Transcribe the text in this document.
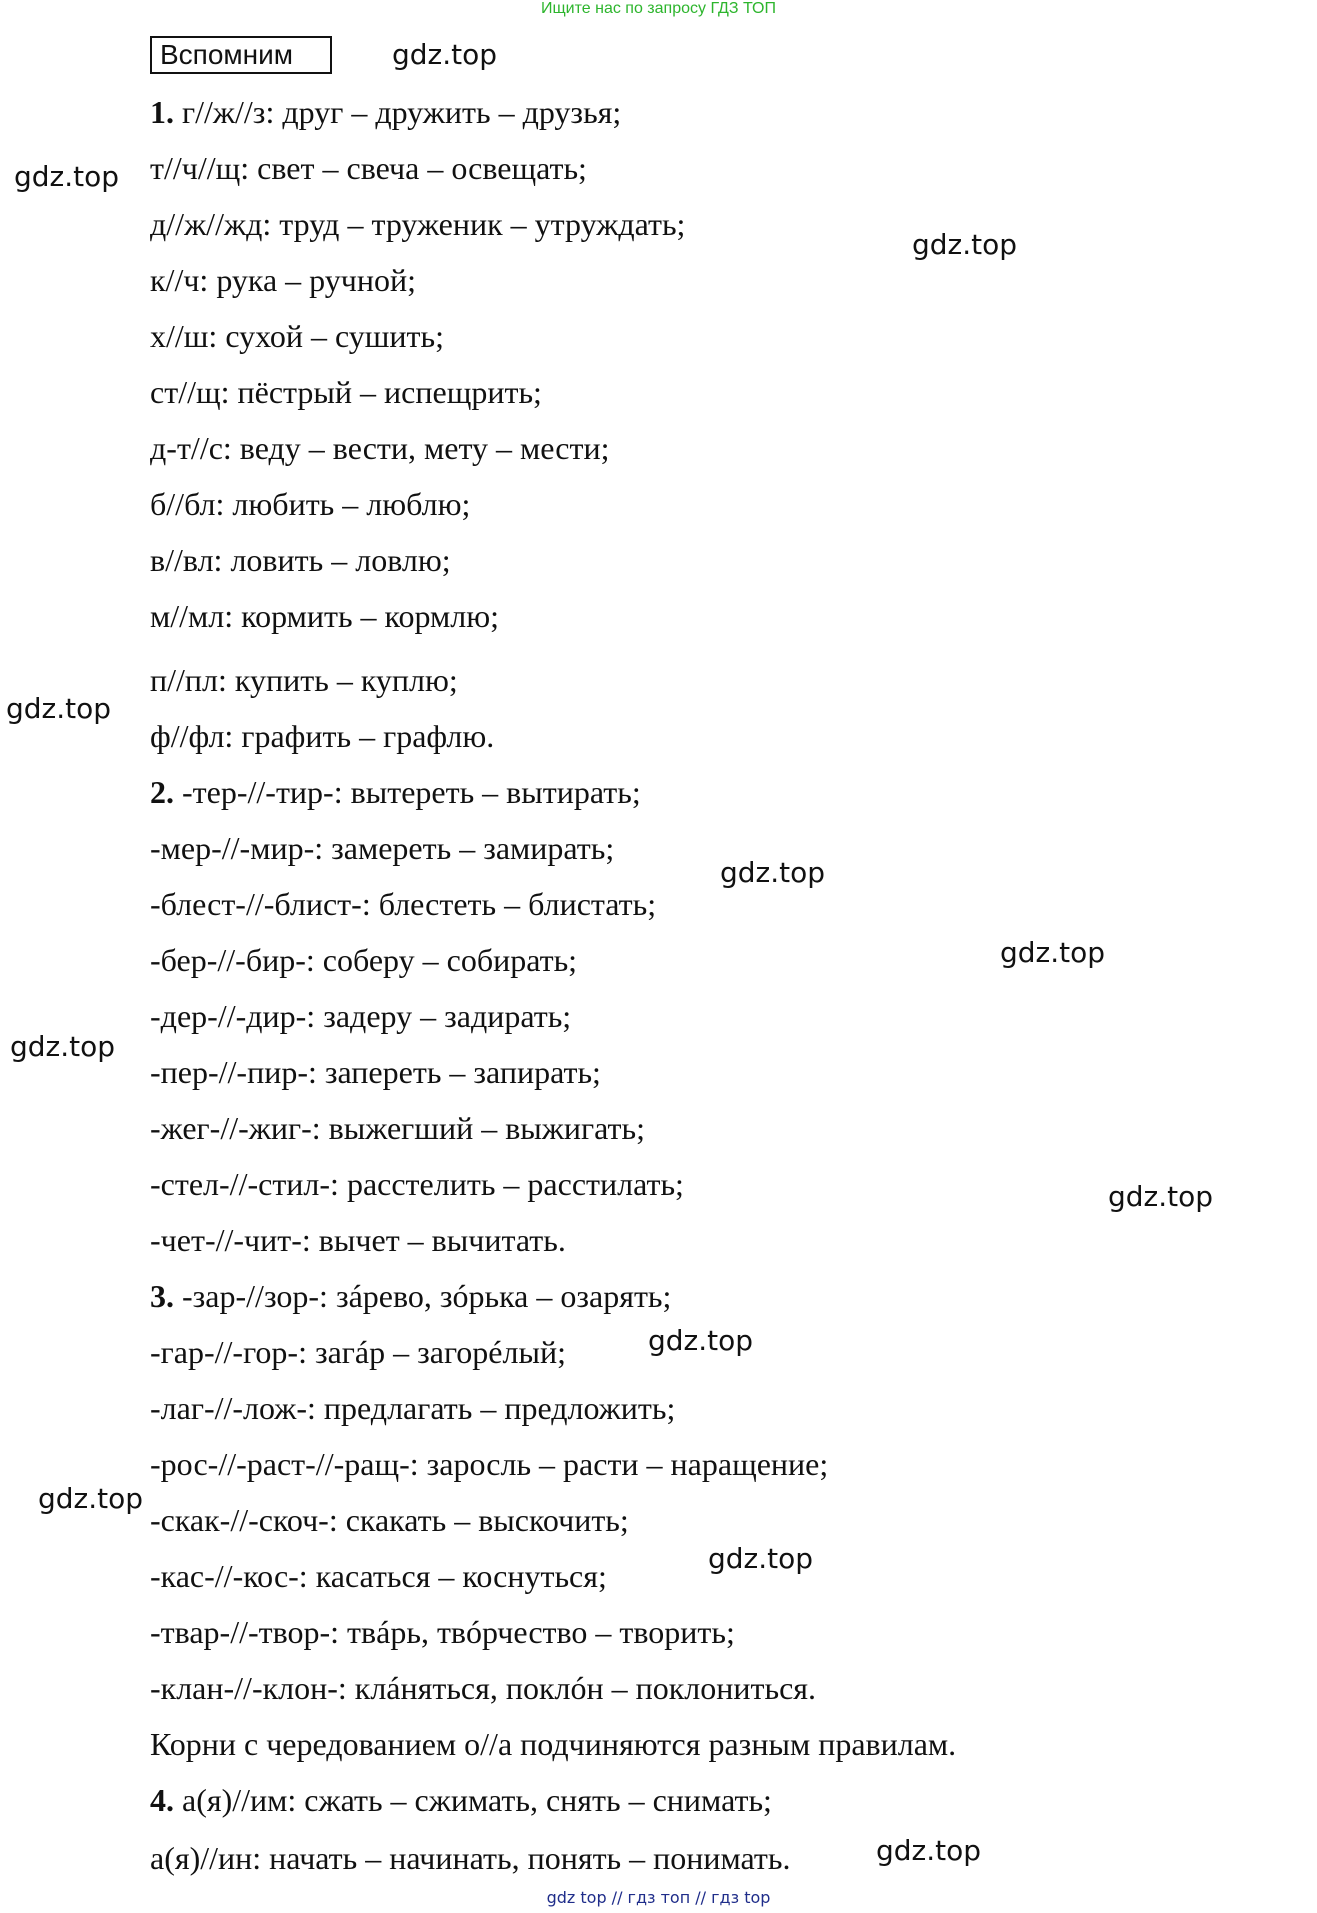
Ищите нас по запросу ГДЗ ТОП
Вспомним
1. г//ж//з: друг – дружить – друзья;
т//ч//щ: свет – свеча – освещать;
д//ж//жд: труд – труженик – утруждать;
к//ч: рука – ручной;
х//ш: сухой – сушить;
ст//щ: пёстрый – испещрить;
д-т//с: веду – вести, мету – мести;
б//бл: любить – люблю;
в//вл: ловить – ловлю;
м//мл: кормить – кормлю;
п//пл: купить – куплю;
ф//фл: графить – графлю.
2. -тер-//-тир-: вытереть – вытирать;
-мер-//-мир-: замереть – замирать;
-блест-//-блист-: блестеть – блистать;
-бер-//-бир-: соберу – собирать;
-дер-//-дир-: задеру – задирать;
-пер-//-пир-: запереть – запирать;
-жег-//-жиг-: выжегший – выжигать;
-стел-//-стил-: расстелить – расстилать;
-чет-//-чит-: вычет – вычитать.
3. -зар-//зор-: зáрево, зóрька – озарять;
-гар-//-гор-: загáр – загорéлый;
-лаг-//-лож-: предлагать – предложить;
-рос-//-раст-//-ращ-: заросль – расти – наращение;
-скак-//-скоч-: скакать – выскочить;
-кас-//-кос-: касаться – коснуться;
-твар-//-твор-: твáрь, твóрчество – творить;
-клан-//-клон-: клáняться, поклóн – поклониться.
Корни с чередованием о//а подчиняются разным правилам.
4. а(я)//им: сжать – сжимать, снять – снимать;
а(я)//ин: начать – начинать, понять – понимать.
gdz.top
gdz.top
gdz.top
gdz.top
gdz.top
gdz.top
gdz.top
gdz.top
gdz.top
gdz.top
gdz.top
gdz.top
gdz top // гдз топ // гдз top
